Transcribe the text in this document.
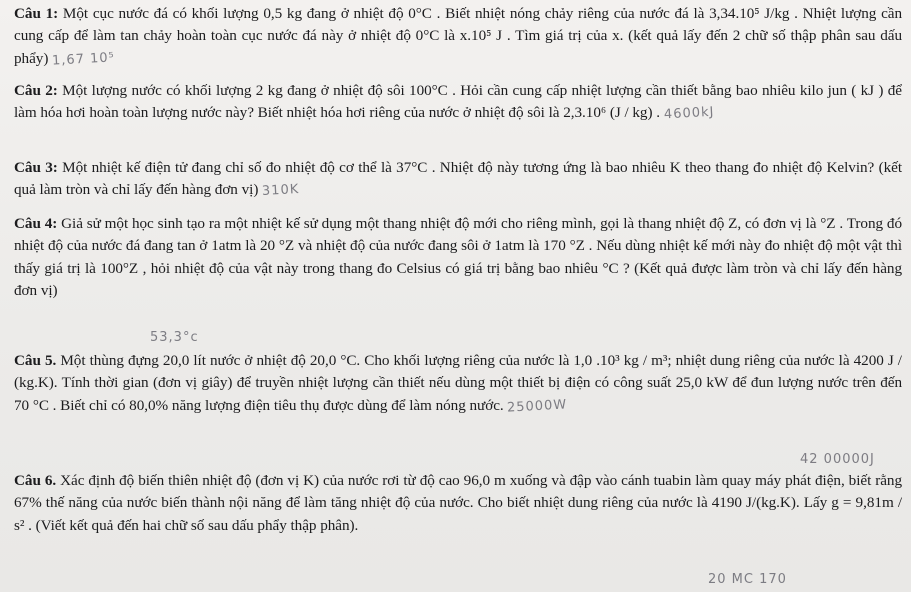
Câu 1: Một cục nước đá có khối lượng 0,5 kg đang ở nhiệt độ 0°C . Biết nhiệt nóng chảy riêng của nước đá là 3,34.10⁵ J/kg . Nhiệt lượng cần cung cấp để làm tan chảy hoàn toàn cục nước đá này ở nhiệt độ 0°C là x.10⁵ J . Tìm giá trị của x. (kết quả lấy đến 2 chữ số thập phân sau dấu phẩy) 1,67 10⁵
Câu 2: Một lượng nước có khối lượng 2 kg đang ở nhiệt độ sôi 100°C . Hỏi cần cung cấp nhiệt lượng cần thiết bằng bao nhiêu kilo jun ( kJ ) để làm hóa hơi hoàn toàn lượng nước này? Biết nhiệt hóa hơi riêng của nước ở nhiệt độ sôi là 2,3.10⁶ (J / kg) . 4600kJ
Câu 3: Một nhiệt kế điện tử đang chỉ số đo nhiệt độ cơ thể là 37°C . Nhiệt độ này tương ứng là bao nhiêu K theo thang đo nhiệt độ Kelvin? (kết quả làm tròn và chỉ lấy đến hàng đơn vị) 310K
Câu 4: Giả sử một học sinh tạo ra một nhiệt kế sử dụng một thang nhiệt độ mới cho riêng mình, gọi là thang nhiệt độ Z, có đơn vị là °Z . Trong đó nhiệt độ của nước đá đang tan ở 1atm là 20 °Z và nhiệt độ của nước đang sôi ở 1atm là 170 °Z . Nếu dùng nhiệt kế mới này đo nhiệt độ một vật thì thấy giá trị là 100°Z , hỏi nhiệt độ của vật này trong thang đo Celsius có giá trị bằng bao nhiêu °C ? (Kết quả được làm tròn và chỉ lấy đến hàng đơn vị)
53,3°c
Câu 5. Một thùng đựng 20,0 lít nước ở nhiệt độ 20,0 °C. Cho khối lượng riêng của nước là 1,0 .10³ kg / m³; nhiệt dung riêng của nước là 4200 J / (kg.K). Tính thời gian (đơn vị giây) để truyền nhiệt lượng cần thiết nếu dùng một thiết bị điện có công suất 25,0 kW để đun lượng nước trên đến 70 °C . Biết chỉ có 80,0% năng lượng điện tiêu thụ được dùng để làm nóng nước. 25000W
42 00000J
Câu 6. Xác định độ biến thiên nhiệt độ (đơn vị K) của nước rơi từ độ cao 96,0 m xuống và đập vào cánh tuabin làm quay máy phát điện, biết rằng 67% thế năng của nước biến thành nội năng để làm tăng nhiệt độ của nước. Cho biết nhiệt dung riêng của nước là 4190 J/(kg.K). Lấy g = 9,81m / s² . (Viết kết quả đến hai chữ số sau dấu phẩy thập phân).
20 MC 170
